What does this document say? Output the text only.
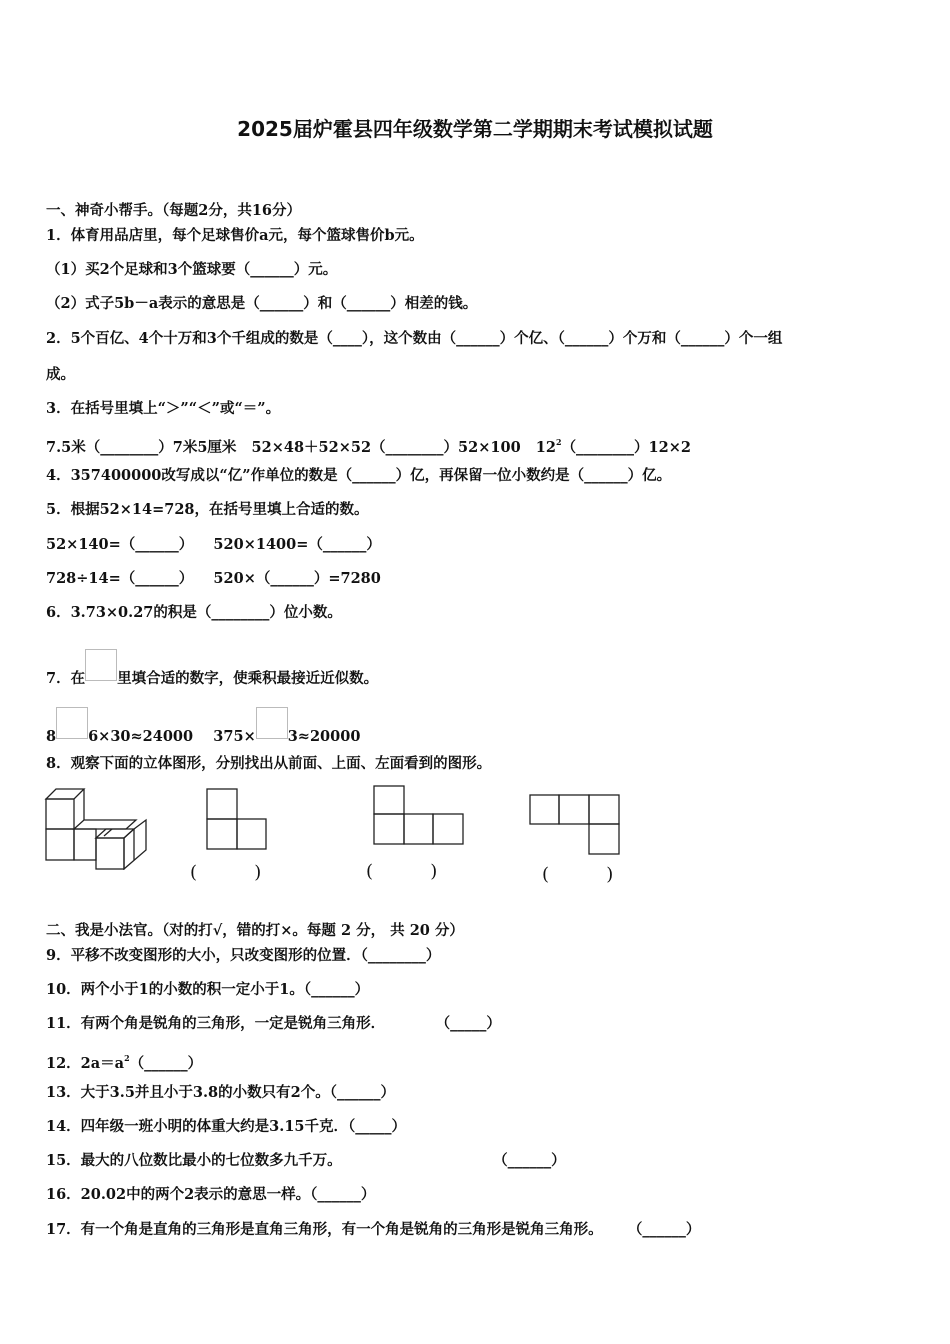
2025届炉霍县四年级数学第二学期期末考试模拟试题
一、神奇小帮手。（每题2分，共16分）
1．体育用品店里，每个足球售价a元，每个篮球售价b元。
（1）买2个足球和3个篮球要（______）元。
（2）式子5b－a表示的意思是（______）和（______）相差的钱。
2．5个百亿、4个十万和3个千组成的数是（____），这个数由（______）个亿、（______）个万和（______）个一组
成。
3．在括号里填上“＞”“＜”或“＝”。
7.5米（________）7米5厘米   52×48＋52×52（________）52×100   $12^2(\_\_\_\_\_\_\_\_)12\times 2$
4．357400000改写成以“亿”作单位的数是（______）亿，再保留一位小数约是（______）亿。
5．根据52×14=728，在括号里填上合适的数。
52×140=（______）    520×1400=（______）
728÷14=（______）    520×（______）=7280
6．3.73×0.27的积是（________）位小数。
7．在 里填合适的数字，使乘积最接近近似数。
8 6×30≈24000    375× 3≈20000
8．观察下面的立体图形，分别找出从前面、上面、左面看到的图形。
(          )	(          )	(          )
二、我是小法官。（对的打√，错的打×。每题 2 分， 共 20 分）
9．平移不改变图形的大小，只改变图形的位置．（________）
10．两个小于1的小数的积一定小于1。（______）
11．有两个角是锐角的三角形，一定是锐角三角形．          （_____）
12．$2a=a^2(\_\_\_\_\_\_)$
13．大于3.5并且小于3.8的小数只有2个。（______）
14．四年级一班小明的体重大约是3.15千克．（_____）
15．最大的八位数比最小的七位数多九千万。                              （______）
16．20.02中的两个2表示的意思一样。（______）
17．有一个角是直角的三角形是直角三角形，有一个角是锐角的三角形是锐角三角形。     （______）
